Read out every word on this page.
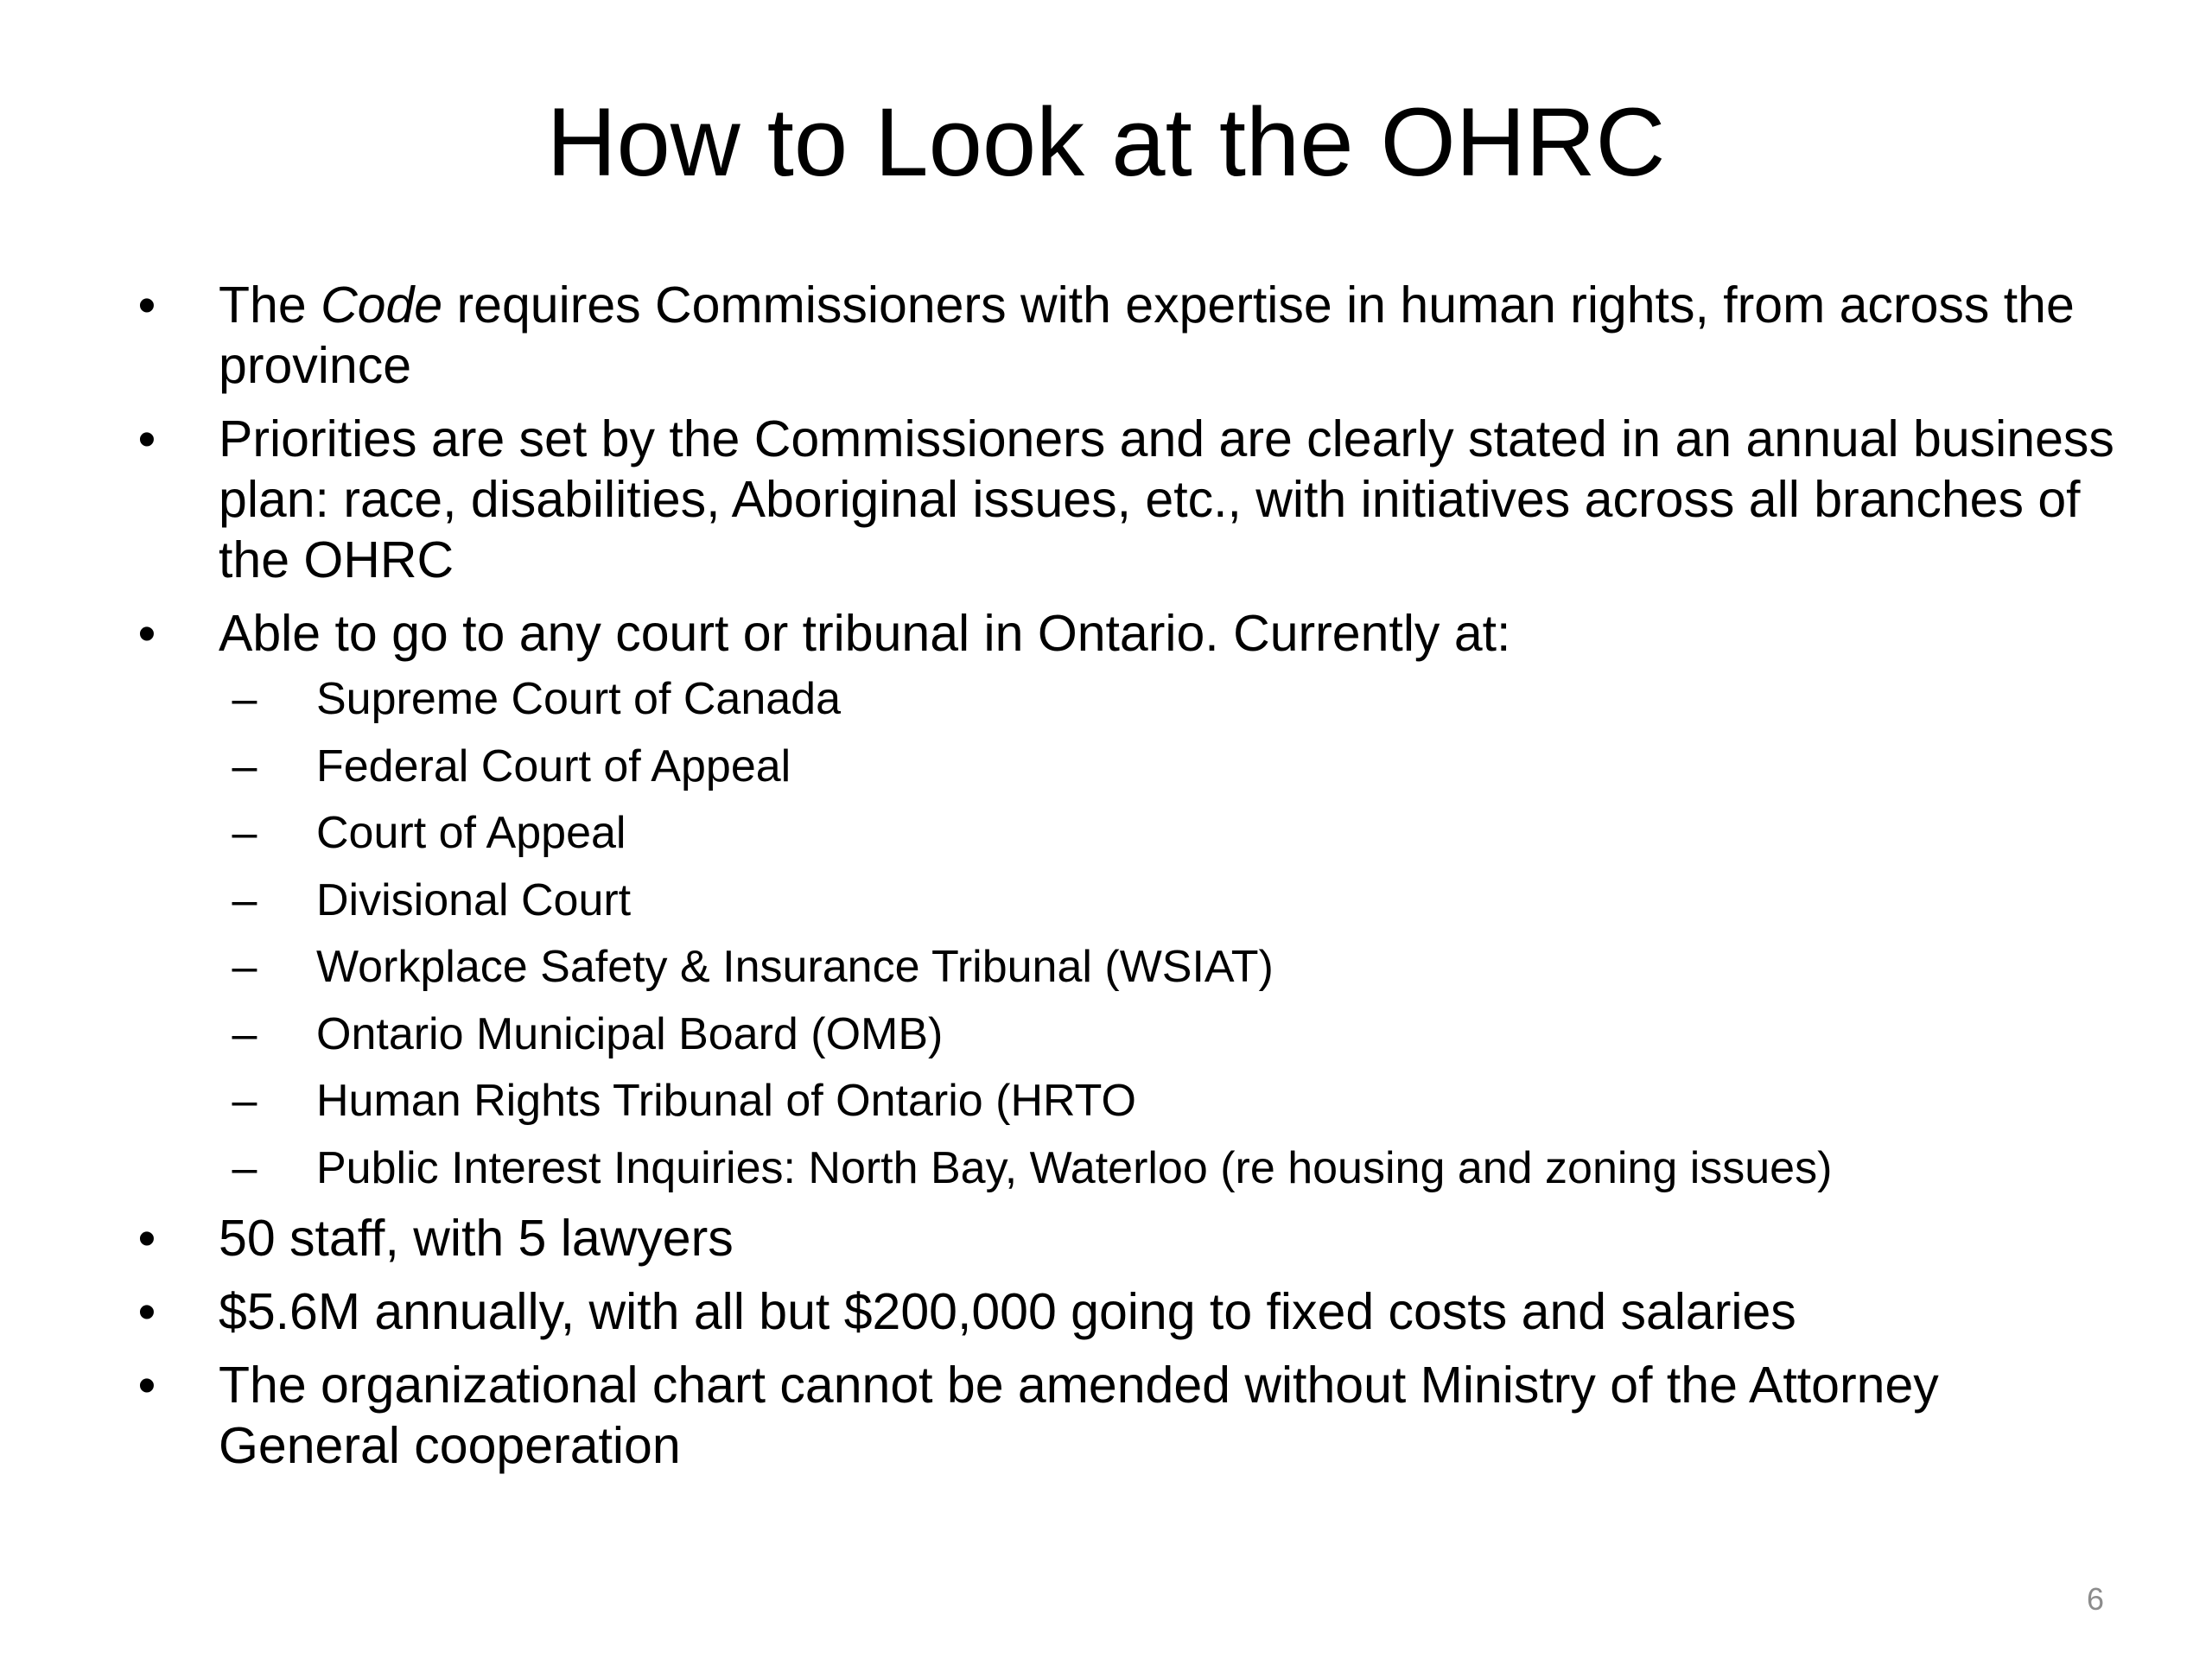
How to Look at the OHRC
• The Code requires Commissioners with expertise in human rights, from across the province
• Priorities are set by the Commissioners and are clearly stated in an annual business plan: race, disabilities, Aboriginal issues, etc., with initiatives across all branches of the OHRC
• Able to go to any court or tribunal in Ontario. Currently at:
– Supreme Court of Canada
– Federal Court of Appeal
– Court of Appeal
– Divisional Court
– Workplace Safety & Insurance Tribunal (WSIAT)
– Ontario Municipal Board (OMB)
– Human Rights Tribunal of Ontario (HRTO
– Public Interest Inquiries: North Bay, Waterloo (re housing and zoning issues)
• 50 staff, with 5 lawyers
• $5.6M annually, with all but $200,000 going to fixed costs and salaries
• The organizational chart cannot be amended without Ministry of the Attorney General cooperation
6
